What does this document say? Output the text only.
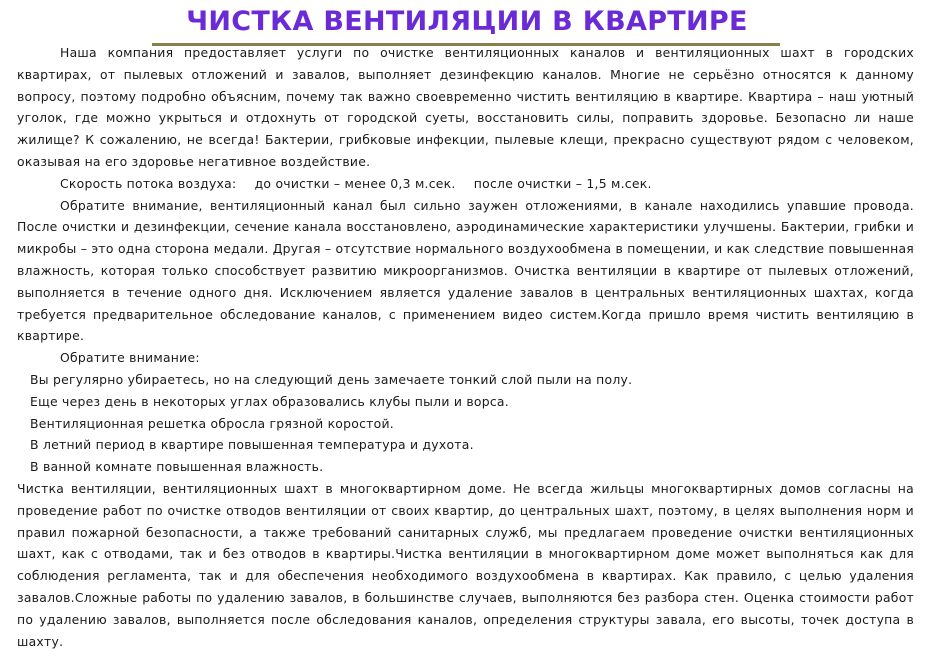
ЧИСТКА ВЕНТИЛЯЦИИ В КВАРТИРЕ

Наша компания предоставляет услуги по очистке вентиляционных каналов и вентиляционных шахт в городских квартирах, от пылевых отложений и завалов, выполняет дезинфекцию каналов. Многие не серьёзно относятся к данному вопросу, поэтому подробно объясним, почему так важно своевременно чистить вентиляцию в квартире. Квартира – наш уютный уголок, где можно укрыться и отдохнуть от городской суеты, восстановить силы, поправить здоровье. Безопасно ли наше жилище? К сожалению, не всегда! Бактерии, грибковые инфекции, пылевые клещи, прекрасно существуют рядом с человеком, оказывая на его здоровье негативное воздействие.

Скорость потока воздуха: до очистки – менее 0,3 м.сек. после очистки – 1,5 м.сек.

Обратите внимание, вентиляционный канал был сильно заужен отложениями, в канале находились упавшие провода. После очистки и дезинфекции, сечение канала восстановлено, аэродинамические характеристики улучшены. Бактерии, грибки и микробы – это одна сторона медали. Другая – отсутствие нормального воздухообмена в помещении, и как следствие повышенная влажность, которая только способствует развитию микроорганизмов. Очистка вентиляции в квартире от пылевых отложений, выполняется в течение одного дня. Исключением является удаление завалов в центральных вентиляционных шахтах, когда требуется предварительное обследование каналов, с применением видео систем.Когда пришло время чистить вентиляцию в квартире.

Обратите внимание:

Вы регулярно убираетесь, но на следующий день замечаете тонкий слой пыли на полу.

Еще через день в некоторых углах образовались клубы пыли и ворса.

Вентиляционная решетка обросла грязной коростой.

В летний период в квартире повышенная температура и духота.

В ванной комнате повышенная влажность.

Чистка вентиляции, вентиляционных шахт в многоквартирном доме. Не всегда жильцы многоквартирных домов согласны на проведение работ по очистке отводов вентиляции от своих квартир, до центральных шахт, поэтому, в целях выполнения норм и правил пожарной безопасности, а также требований санитарных служб, мы предлагаем проведение очистки вентиляционных шахт, как с отводами, так и без отводов в квартиры.Чистка вентиляции в многоквартирном доме может выполняться как для соблюдения регламента, так и для обеспечения необходимого воздухообмена в квартирах. Как правило, с целью удаления завалов.Сложные работы по удалению завалов, в большинстве случаев, выполняются без разбора стен. Оценка стоимости работ по удалению завалов, выполняется после обследования каналов, определения структуры завала, его высоты, точек доступа в шахту.
